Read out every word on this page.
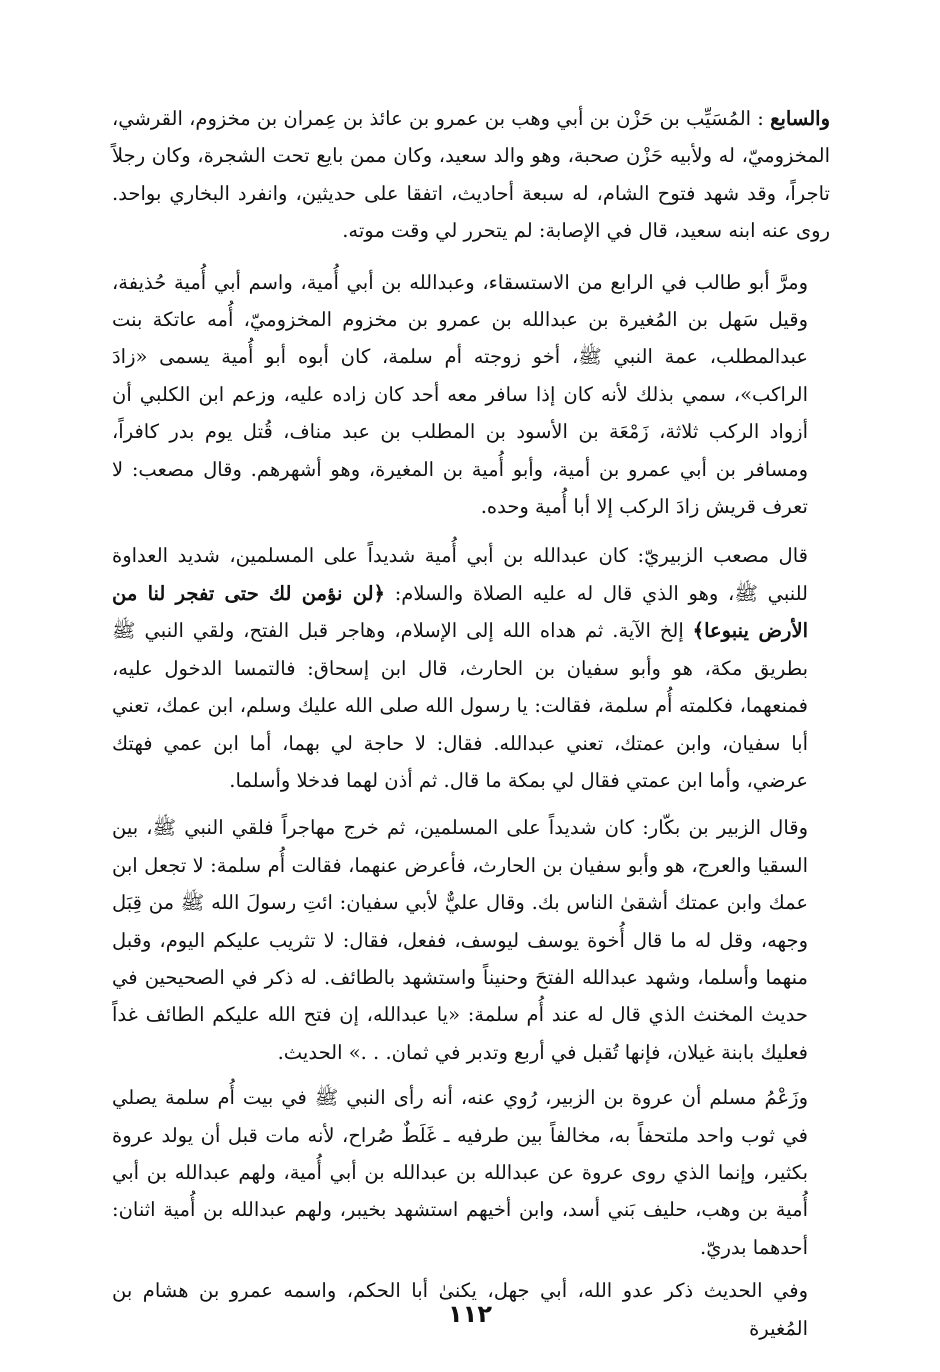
والسابع : المُسَيِّب بن حَزْن بن أبي وهب بن عمرو بن عائذ بن عِمران بن مخزوم، القرشي، المخزوميّ، له ولأبيه حَزْن صحبة، وهو والد سعيد، وكان ممن بايع تحت الشجرة، وكان رجلاً تاجراً، وقد شهد فتوح الشام، له سبعة أحاديث، اتفقا على حديثين، وانفرد البخاري بواحد. روى عنه ابنه سعيد، قال في الإصابة: لم يتحرر لي وقت موته.

ومرَّ أبو طالب في الرابع من الاستسقاء، وعبدالله بن أبي أُمية، واسم أبي أُمية حُذيفة، وقيل سَهل بن المُغيرة بن عبدالله بن عمرو بن مخزوم المخزوميّ، أُمه عاتكة بنت عبدالمطلب، عمة النبي ﷺ، أخو زوجته أم سلمة، كان أبوه أبو أُمية يسمى «زادَ الراكب»، سمي بذلك لأنه كان إذا سافر معه أحد كان زاده عليه، وزعم ابن الكلبي أن أزواد الركب ثلاثة، زَمْعَة بن الأسود بن المطلب بن عبد مناف، قُتل يوم بدر كافراً، ومسافر بن أبي عمرو بن أمية، وأبو أُمية بن المغيرة، وهو أشهرهم. وقال مصعب: لا تعرف قريش زادَ الركب إلا أبا أُمية وحده.

قال مصعب الزبيريّ: كان عبدالله بن أبي أُمية شديداً على المسلمين، شديد العداوة للنبي ﷺ، وهو الذي قال له عليه الصلاة والسلام: ﴿لن نؤمن لك حتى تفجر لنا من الأرض ينبوعا﴾ إلخ الآية. ثم هداه الله إلى الإسلام، وهاجر قبل الفتح، ولقي النبي ﷺ بطريق مكة، هو وأبو سفيان بن الحارث، قال ابن إسحاق: فالتمسا الدخول عليه، فمنعهما، فكلمته أُم سلمة، فقالت: يا رسول الله صلى الله عليك وسلم، ابن عمك، تعني أبا سفيان، وابن عمتك، تعني عبدالله. فقال: لا حاجة لي بهما، أما ابن عمي فهتك عرضي، وأما ابن عمتي فقال لي بمكة ما قال. ثم أذن لهما فدخلا وأسلما.

وقال الزبير بن بكّار: كان شديداً على المسلمين، ثم خرج مهاجراً فلقي النبي ﷺ، بين السقيا والعرج، هو وأبو سفيان بن الحارث، فأعرض عنهما، فقالت أُم سلمة: لا تجعل ابن عمك وابن عمتك أشقىٰ الناس بك. وقال عليٌّ لأبي سفيان: ائتِ رسولَ الله ﷺ من قِبَل وجهه، وقل له ما قال أُخوة يوسف ليوسف، ففعل، فقال: لا تثريب عليكم اليوم، وقبل منهما وأسلما، وشهد عبدالله الفتحَ وحنيناً واستشهد بالطائف. له ذكر في الصحيحين في حديث المخنث الذي قال له عند أُم سلمة: «يا عبدالله، إن فتح الله عليكم الطائف غداً فعليك بابنة غيلان، فإنها تُقبل في أربع وتدبر في ثمان. . .» الحديث.

وزَعْمُ مسلم أن عروة بن الزبير، رُوي عنه، أنه رأى النبي ﷺ في بيت أُم سلمة يصلي في ثوب واحد ملتحفاً به، مخالفاً بين طرفيه ـ غَلَطٌ صُراح، لأنه مات قبل أن يولد عروة بكثير، وإنما الذي روى عروة عن عبدالله بن عبدالله بن أبي أُمية، ولهم عبدالله بن أبي أُمية بن وهب، حليف بَني أسد، وابن أخيهم استشهد بخيبر، ولهم عبدالله بن أُمية اثنان: أحدهما بدريّ.

وفي الحديث ذكر عدو الله، أبي جهل، يكنىٰ أبا الحكم، واسمه عمرو بن هشام بن المُغيرة

١١٢
